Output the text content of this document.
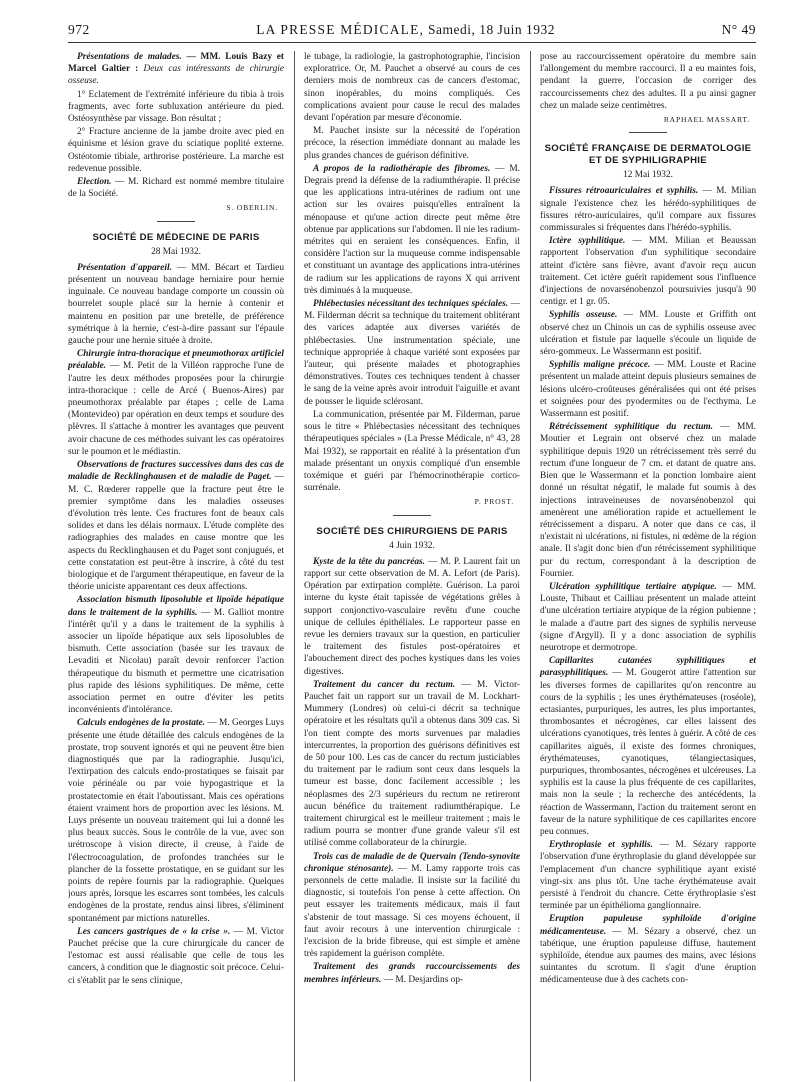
972	LA PRESSE MÉDICALE, Samedi, 18 Juin 1932	N° 49

Présentations de malades. — MM. Louis Bazy et Marcel Galtier : Deux cas intéressants de chirurgie osseuse.

1° Eclatement de l'extrémité inférieure du tibia à trois fragments, avec forte subluxation antérieure du pied. Ostéosynthèse par vissage. Bon résultat ;

2° Fracture ancienne de la jambe droite avec pied en équinisme et lésion grave du sciatique poplité externe. Ostéotomie tibiale, arthrorise postérieure. La marche est redevenue possible.

Election. — M. Richard est nommé membre titulaire de la Société.

S. OBERLIN.
SOCIÉTÉ DE MÉDECINE DE PARIS
28 Mai 1932.

Présentation d'appareil. — MM. Bécart et Tardieu présentent un nouveau bandage herniaire pour hernie inguinale. Ce nouveau bandage comporte un coussin où bourrelet souple placé sur la hernie à contenir et maintenu en position par une bretelle, de préférence symétrique à la hernie, c'est-à-dire passant sur l'épaule gauche pour une hernie située à droite.

Chirurgie intra-thoracique et pneumothorax artificiel préalable. — M. Petit de la Villéon rapproche l'une de l'autre les deux méthodes proposées pour la chirurgie intra-thoracique : celle de Arcé ( Buenos-Aires) par pneumothorax préalable par étapes ; celle de Lama (Montevideo) par opération en deux temps et soudure des plèvres. Il s'attache à montrer les avantages que peuvent avoir chacune de ces méthodes suivant les cas opératoires sur le poumon et le médiastin.

Observations de fractures successives dans des cas de maladie de Recklinghausen et de maladie de Paget. — M. C. Rœderer rappelle que la fracture peut être le premier symptôme dans les maladies osseuses d'évolution très lente. Ces fractures font de beaux cals solides et dans les délais normaux. L'étude complète des radiographies des malades en cause montre que les aspects du Recklinghausen et du Paget sont conjugués, et cette constatation est peut-être à inscrire, à côté du test biologique et de l'argument thérapeutique, en faveur de la théorie uniciste apparentant ces deux affections.

Association bismuth liposoluble et lipoïde hépatique dans le traitement de la syphilis. — M. Galliot montre l'intérêt qu'il y a dans le traitement de la syphilis à associer un lipoïde hépatique aux sels liposolubles de bismuth. Cette association (basée sur les travaux de Levaditi et Nicolau) paraît devoir renforcer l'action thérapeutique du bismuth et permettre une cicatrisation plus rapide des lésions syphilitiques. De même, cette association permet en outre d'éviter les petits inconvénients d'intolérance.

Calculs endogènes de la prostate. — M. Georges Luys présente une étude détaillée des calculs endogènes de la prostate, trop souvent ignorés et qui ne peuvent être bien diagnostiqués que par la radiographie. Jusqu'ici, l'extirpation des calculs endo-prostatiques se faisait par voie périnéale ou par voie hypogastrique et la prostatectomie en était l'aboutissant. Mais ces opérations étaient vraiment hors de proportion avec les lésions. M. Luys présente un nouveau traitement qui lui a donné les plus beaux succès. Sous le contrôle de la vue, avec son urétroscope à vision directe, il creuse, à l'aide de l'électrocoagulation, de profondes tranchées sur le plancher de la fossette prostatique, en se guidant sur les points de repère fournis par la radiographie. Quelques jours après, lorsque les escarres sont tombées, les calculs endogènes de la prostate, rendus ainsi libres, s'éliminent spontanément par mictions naturelles.

Les cancers gastriques de « la crise ». — M. Victor Pauchet précise que la cure chirurgicale du cancer de l'estomac est aussi réalisable que celle de tous les cancers, à condition que le diagnostic soit précoce. Celui-ci s'établit par le sens clinique,

le tubage, la radiologie, la gastrophotographie, l'incision exploratrice. Or, M. Pauchet a observé au cours de ces derniers mois de nombreux cas de cancers d'estomac, sinon inopérables, du moins compliqués. Ces complications avaient pour cause le recul des malades devant l'opération par mesure d'économie.

M. Pauchet insiste sur la nécessité de l'opération précoce, la résection immédiate donnant au malade les plus grandes chances de guérison définitive.

A propos de la radiothérapie des fibromes. — M. Degrais prend la défense de la radiumthérapie. Il précise que les applications intra-utérines de radium ont une action sur les ovaires puisqu'elles entraînent la ménopause et qu'une action directe peut même être obtenue par applications sur l'abdomen. Il nie les radium-métrites qui en seraient les conséquences. Enfin, il considère l'action sur la muqueuse comme indispensable et constituant un avantage des applications intra-utérines de radium sur les applications de rayons X qui arrivent très diminués à la muqueuse.

Phlébectasies nécessitant des techniques spéciales. — M. Filderman décrit sa technique du traitement oblitérant des varices adaptée aux diverses variétés de phlébectasies. Une instrumentation spéciale, une technique appropriée à chaque variété sont exposées par l'auteur, qui présente malades et photographies démonstratives. Toutes ces techniques tendent à chasser le sang de la veine après avoir introduit l'aiguille et avant de pousser le liquide sclérosant.

La communication, présentée par M. Filderman, parue sous le titre « Phlébectasies nécessitant des techniques thérapeutiques spéciales » (La Presse Médicale, n° 43, 28 Mai 1932), se rapportait en réalité à la présentation d'un malade présentant un onyxis compliqué d'un ensemble toxémique et guéri par l'hémocrinothérapie cortico-surrénale.

P. PROST.
SOCIÉTÉ DES CHIRURGIENS DE PARIS
4 Juin 1932.

Kyste de la tête du pancréas. — M. P. Laurent fait un rapport sur cette observation de M. A. Lefort (de Paris). Opération par extirpation complète. Guérison. La paroi interne du kyste était tapissée de végétations grêles à support conjonctivo-vasculaire revêtu d'une couche unique de cellules épithéliales. Le rapporteur passe en revue les derniers travaux sur la question, en particulier le traitement des fistules post-opératoires et l'abouchement direct des poches kystiques dans les voies digestives.

Traitement du cancer du rectum. — M. Victor-Pauchet fait un rapport sur un travail de M. Lockhart-Mummery (Londres) où celui-ci décrit sa technique opératoire et les résultats qu'il a obtenus dans 309 cas. Si l'on tient compte des morts survenues par maladies intercurrentes, la proportion des guérisons définitives est de 50 pour 100. Les cas de cancer du rectum justiciables du traitement par le radium sont ceux dans lesquels la tumeur est basse, donc facilement accessible ; les néoplasmes des 2/3 supérieurs du rectum ne retireront aucun bénéfice du traitement radiumthérapique. Le traitement chirurgical est le meilleur traitement ; mais le radium pourra se montrer d'une grande valeur s'il est utilisé comme collaborateur de la chirurgie.

Trois cas de maladie de de Quervain (Tendo-synovite chronique sténosante). — M. Lamy rapporte trois cas personnels de cette maladie. Il insiste sur la facilité du diagnostic, si toutefois l'on pense à cette affection. On peut essayer les traitements médicaux, mais il faut s'abstenir de tout massage. Si ces moyens échouent, il faut avoir recours à une intervention chirurgicale : l'excision de la bride fibreuse, qui est simple et amène très rapidement la guérison complète.

Traitement des grands raccourcissements des membres inférieurs. — M. Desjardins op-

pose au raccourcissement opératoire du membre sain l'allongement du membre raccourci. Il a eu maintes fois, pendant la guerre, l'occasion de corriger des raccourcissements chez des adultes. Il a pu ainsi gagner chez un malade seize centimètres.

RAPHAEL MASSART.
SOCIÉTÉ FRANÇAISE DE DERMATOLOGIE ET DE SYPHILIGRAPHIE
12 Mai 1932.

Fissures rétroauriculaires et syphilis. — M. Milian signale l'existence chez les hérédo-syphilitiques de fissures rétro-auriculaires, qu'il compare aux fissures commissurales si fréquentes dans l'hérédo-syphilis.

Ictère syphilitique. — MM. Milian et Beaussan rapportent l'observation d'un syphilitique secondaire atteint d'ictère sans fièvre, avant d'avoir reçu aucun traitement. Cet ictère guérit rapidement sous l'influence d'injections de novarsénobenzol poursuivies jusqu'à 90 centigr. et 1 gr. 05.

Syphilis osseuse. — MM. Louste et Griffith ont observé chez un Chinois un cas de syphilis osseuse avec ulcération et fistule par laquelle s'écoule un liquide de séro-gommeux. Le Wassermann est positif.

Syphilis maligne précoce. — MM. Louste et Racine présentent un malade atteint depuis plusieurs semaines de lésions ulcéro-croûteuses généralisées qui ont été prises et soignées pour des pyodermites ou de l'ecthyma. Le Wassermann est positif.

Rétrécissement syphilitique du rectum. — MM. Moutier et Legrain ont observé chez un malade syphilitique depuis 1920 un rétrécissement très serré du rectum d'une longueur de 7 cm. et datant de quatre ans. Bien que le Wassermann et la ponction lombaire aient donné un résultat négatif, le malade fut soumis à des injections intraveineuses de novarsénobenzol qui amenèrent une amélioration rapide et actuellement le rétrécissement a disparu. A noter que dans ce cas, il n'existait ni ulcérations, ni fistules, ni œdème de la région anale. Il s'agit donc bien d'un rétrécissement syphilitique pur du rectum, correspondant à la description de Fournier.

Ulcération syphilitique tertiaire atypique. — MM. Louste, Thibaut et Cailliau présentent un malade atteint d'une ulcération tertiaire atypique de la région pubienne ; le malade a d'autre part des signes de syphilis nerveuse (signe d'Argyll). Il y a donc association de syphilis neurotrope et dermotrope.

Capillarites cutanées syphilitiques et parasyphilitiques. — M. Gougerot attire l'attention sur les diverses formes de capillarites qu'on rencontre au cours de la syphilis ; les unes érythémateuses (roséole), ectasiantes, purpuriques, les autres, les plus importantes, thrombosantes et nécrogènes, car elles laissent des ulcérations cyanotiques, très lentes à guérir. A côté de ces capillarites aiguës, il existe des formes chroniques, érythémateuses, cyanotiques, télangiectasiques, purpuriques, thrombosantes, nécrogènes et ulcéreuses. La syphilis est la cause la plus fréquente de ces capillarites, mais non la seule ; la recherche des antécédents, la réaction de Wassermann, l'action du traitement seront en faveur de la nature syphilitique de ces capillarites encore peu connues.

Erythroplasie et syphilis. — M. Sézary rapporte l'observation d'une érythroplasie du gland développée sur l'emplacement d'un chancre syphilitique ayant existé vingt-six ans plus tôt. Une tache érythémateuse avait persisté à l'endroit du chancre. Cette érythroplasie s'est terminée par un épithélioma ganglionnaire.

Eruption papuleuse syphiloïde d'origine médicamenteuse. — M. Sézary a observé, chez un tabétique, une éruption papuleuse diffuse, hautement syphiloïde, étendue aux paumes des mains, avec lésions suintantes du scrotum. Il s'agit d'une éruption médicamenteuse due à des cachets con-
